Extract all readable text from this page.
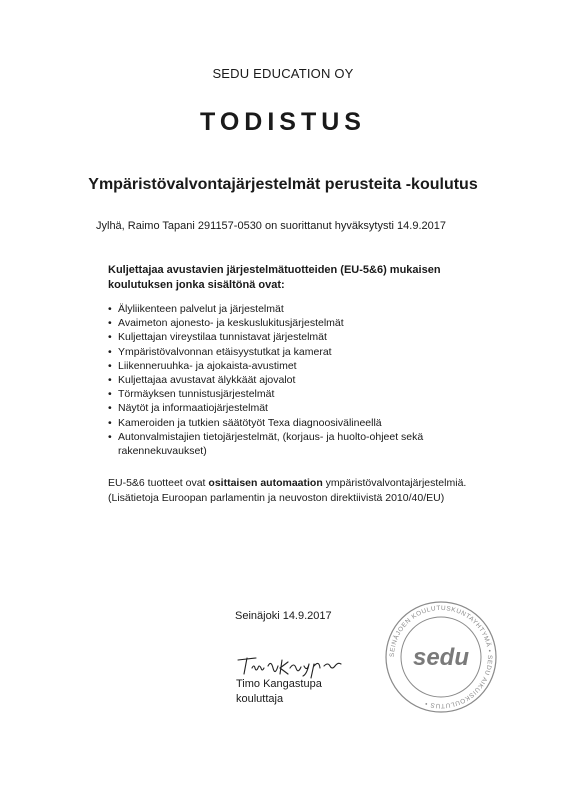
SEDU EDUCATION OY
TODISTUS
Ympäristövalvontajärjestelmät perusteita -koulutus
Jylhä, Raimo Tapani 291157-0530 on suorittanut hyväksytysti 14.9.2017
Kuljettajaa avustavien järjestelmätuotteiden (EU-5&6) mukaisen
koulutuksen jonka sisältönä ovat:
• Älyliikenteen palvelut ja järjestelmät
• Avaimeton ajonesto- ja keskuslukitusjärjestelmät
• Kuljettajan vireystilaa tunnistavat järjestelmät
• Ympäristövalvonnan etäisyystutkat ja kamerat
• Liikenneruuhka- ja ajokaista-avustimet
• Kuljettajaa avustavat älykkäät ajovalot
• Törmäyksen tunnistusjärjestelmät
• Näytöt ja informaatiojärjestelmät
• Kameroiden ja tutkien säätötyöt Texa diagnoosivälineellä
• Autonvalmistajien tietojärjestelmät, (korjaus- ja huolto-ohjeet sekä rakennekuvaukset)
EU-5&6 tuotteet ovat osittaisen automaation ympäristövalvontajärjestelmiä.
(Lisätietoja Euroopan parlamentin ja neuvoston direktiivistä 2010/40/EU)
Seinäjoki 14.9.2017
Timo Kangastupa
kouluttaja
SEINÄJOEN KOULUTUSKUNTAYHTYMÄ • SEDU AIKUISKOULUTUS •
sedu
